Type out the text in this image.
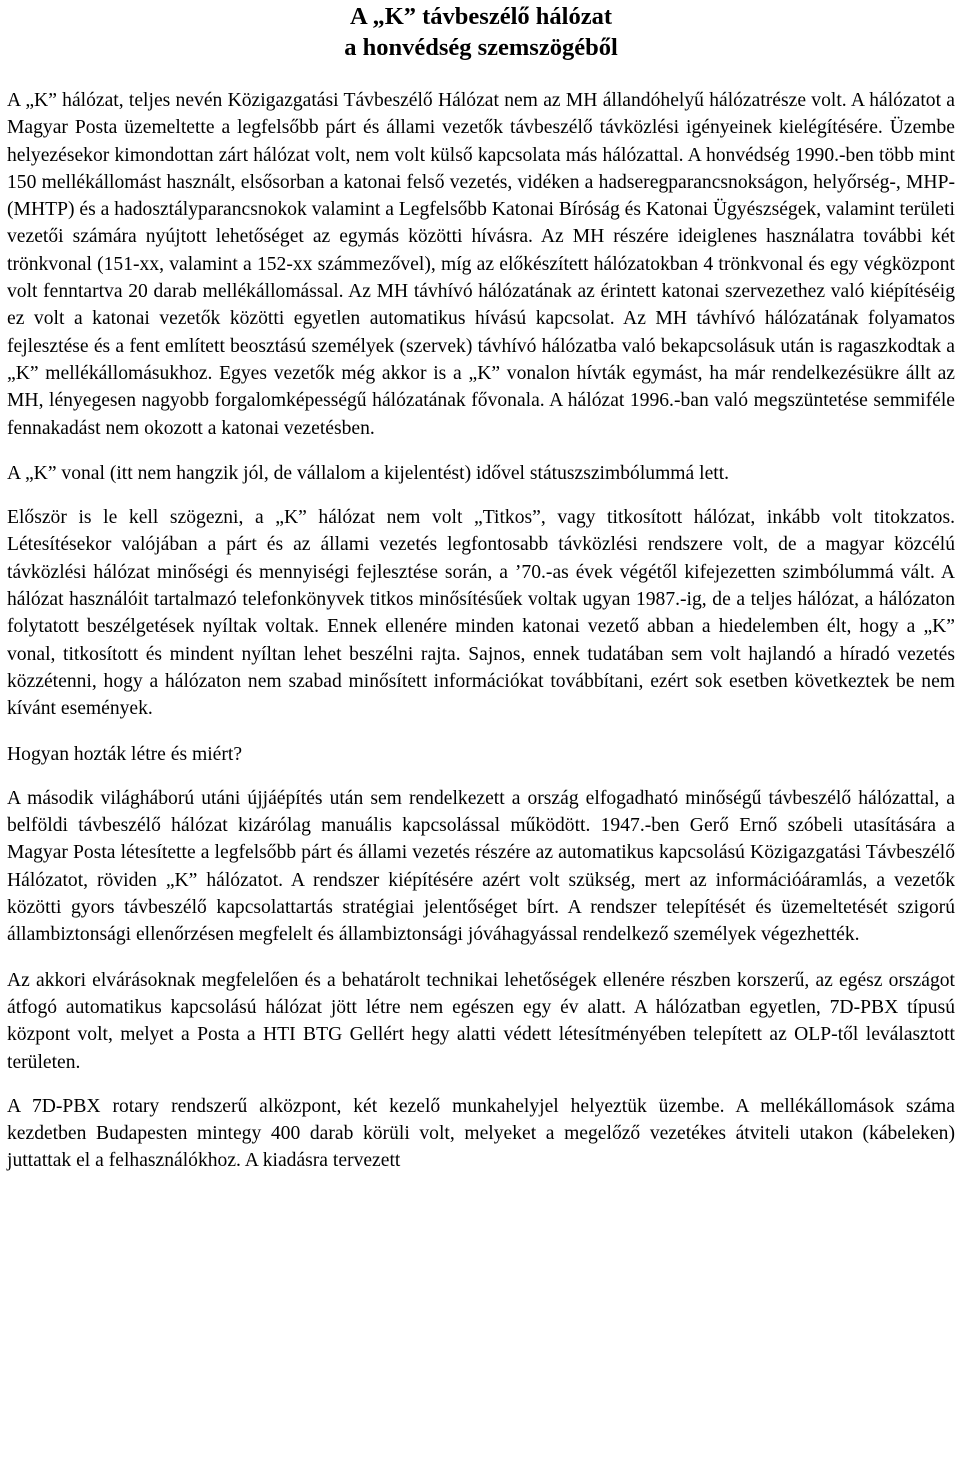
A „K” távbeszélő hálózat
a honvédség szemszögéből

A „K” hálózat, teljes nevén Közigazgatási Távbeszélő Hálózat nem az MH állandóhelyű hálózatrésze volt. A hálózatot a Magyar Posta üzemeltette a legfelsőbb párt és állami vezetők távbeszélő távközlési igényeinek kielégítésére. Üzembe helyezésekor kimondottan zárt hálózat volt, nem volt külső kapcsolata más hálózattal. A honvédség 1990.-ben több mint 150 mellékállomást használt, elsősorban a katonai felső vezetés, vidéken a hadseregparancsnokságon, helyőrség-, MHP- (MHTP) és a hadosztályparancsnokok valamint a Legfelsőbb Katonai Bíróság és Katonai Ügyészségek, valamint területi vezetői számára nyújtott lehetőséget az egymás közötti hívásra. Az MH részére ideiglenes használatra további két trönkvonal (151-xx, valamint a 152-xx számmezővel), míg az előkészített hálózatokban 4 trönkvonal és egy végközpont volt fenntartva 20 darab mellékállomással. Az MH távhívó hálózatának az érintett katonai szervezethez való kiépítéséig ez volt a katonai vezetők közötti egyetlen automatikus hívású kapcsolat. Az MH távhívó hálózatának folyamatos fejlesztése és a fent említett beosztású személyek (szervek) távhívó hálózatba való bekapcsolásuk után is ragaszkodtak a „K” mellékállomásukhoz. Egyes vezetők még akkor is a „K” vonalon hívták egymást, ha már rendelkezésükre állt az MH, lényegesen nagyobb forgalomképességű hálózatának fővonala. A hálózat 1996.-ban való megszüntetése semmiféle fennakadást nem okozott a katonai vezetésben.

A „K” vonal (itt nem hangzik jól, de vállalom a kijelentést) idővel státuszszimbólummá lett.

Először is le kell szögezni, a „K” hálózat nem volt „Titkos”, vagy titkosított hálózat, inkább volt titokzatos. Létesítésekor valójában a párt és az állami vezetés legfontosabb távközlési rendszere volt, de a magyar közcélú távközlési hálózat minőségi és mennyiségi fejlesztése során, a ’70.-as évek végétől kifejezetten szimbólummá vált. A hálózat használóit tartalmazó telefonkönyvek titkos minősítésűek voltak ugyan 1987.-ig, de a teljes hálózat, a hálózaton folytatott beszélgetések nyíltak voltak. Ennek ellenére minden katonai vezető abban a hiedelemben élt, hogy a „K” vonal, titkosított és mindent nyíltan lehet beszélni rajta. Sajnos, ennek tudatában sem volt hajlandó a híradó vezetés közzétenni, hogy a hálózaton nem szabad minősített információkat továbbítani, ezért sok esetben következtek be nem kívánt események.

Hogyan hozták létre és miért?

A második világháború utáni újjáépítés után sem rendelkezett a ország elfogadható minőségű távbeszélő hálózattal, a belföldi távbeszélő hálózat kizárólag manuális kapcsolással működött. 1947.-ben Gerő Ernő szóbeli utasítására a Magyar Posta létesítette a legfelsőbb párt és állami vezetés részére az automatikus kapcsolású Közigazgatási Távbeszélő Hálózatot, röviden „K” hálózatot. A rendszer kiépítésére azért volt szükség, mert az információáramlás, a vezetők közötti gyors távbeszélő kapcsolattartás stratégiai jelentőséget bírt. A rendszer telepítését és üzemeltetését szigorú állambiztonsági ellenőrzésen megfelelt és állambiztonsági jóváhagyással rendelkező személyek végezhették.

Az akkori elvárásoknak megfelelően és a behatárolt technikai lehetőségek ellenére részben korszerű, az egész országot átfogó automatikus kapcsolású hálózat jött létre nem egészen egy év alatt. A hálózatban egyetlen, 7D-PBX típusú központ volt, melyet a Posta a HTI BTG Gellért hegy alatti védett létesítményében telepített az OLP-től leválasztott területen.

A 7D-PBX rotary rendszerű alközpont, két kezelő munkahelyjel helyeztük üzembe. A mellékállomások száma kezdetben Budapesten mintegy 400 darab körüli volt, melyeket a megelőző vezetékes átviteli utakon (kábeleken) juttattak el a felhasználókhoz. A kiadásra tervezett
